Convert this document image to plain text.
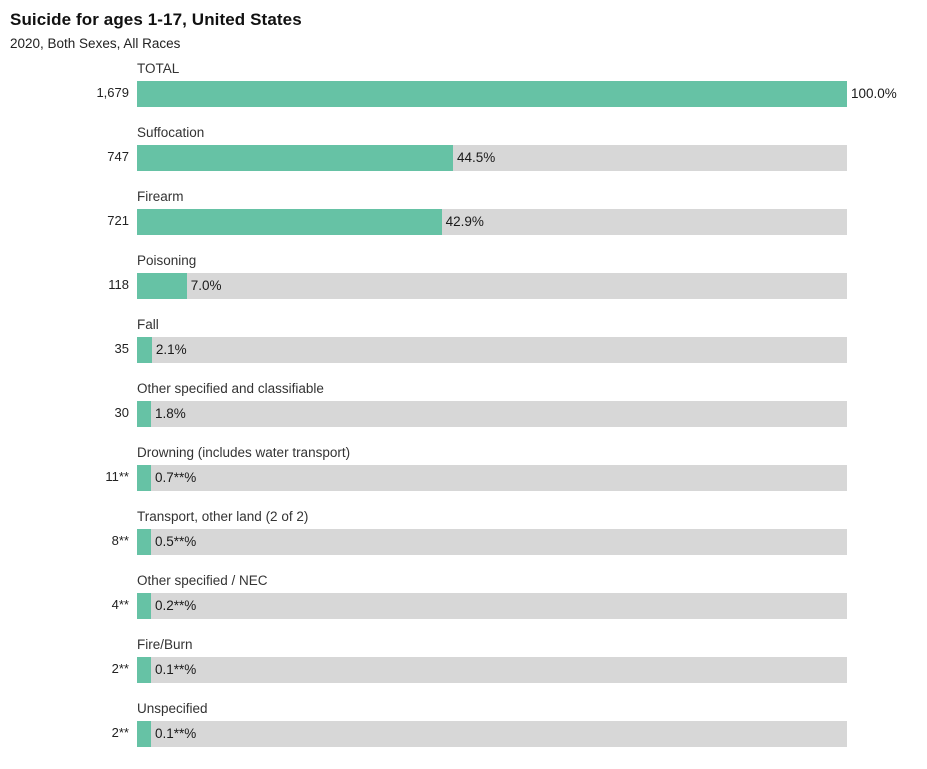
Suicide for ages 1-17, United States
2020, Both Sexes, All Races
TOTAL
1,679	100.0%
Suffocation
747	44.5%
Firearm
721	42.9%
Poisoning
118	7.0%
Fall
35 2.1%
Other specified and classifiable
30 1.8%
Drowning (includes water transport)
11** 0.7**%
Transport, other land (2 of 2)
8** 0.5**%
Other specified / NEC
4** 0.2**%
Fire/Burn
2** 0.1**%
Unspecified
2** 0.1**%
